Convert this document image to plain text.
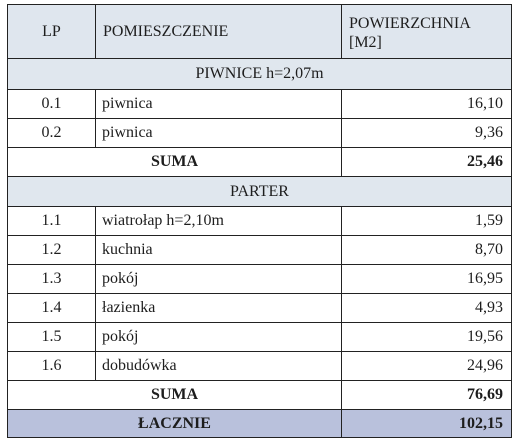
LP	POMIESZCZENIE	POWIERZCHNIA
[M2]
PIWNICE h=2,07m		
0.1	piwnica	16,10
0.2	piwnica	9,36
SUMA		25,46
PARTER		
1.1	wiatrołap h=2,10m	1,59
1.2	kuchnia	8,70
1.3	pokój	16,95
1.4	łazienka	4,93
1.5	pokój	19,56
1.6	dobudówka	24,96
SUMA		76,69
ŁACZNIE		102,15
